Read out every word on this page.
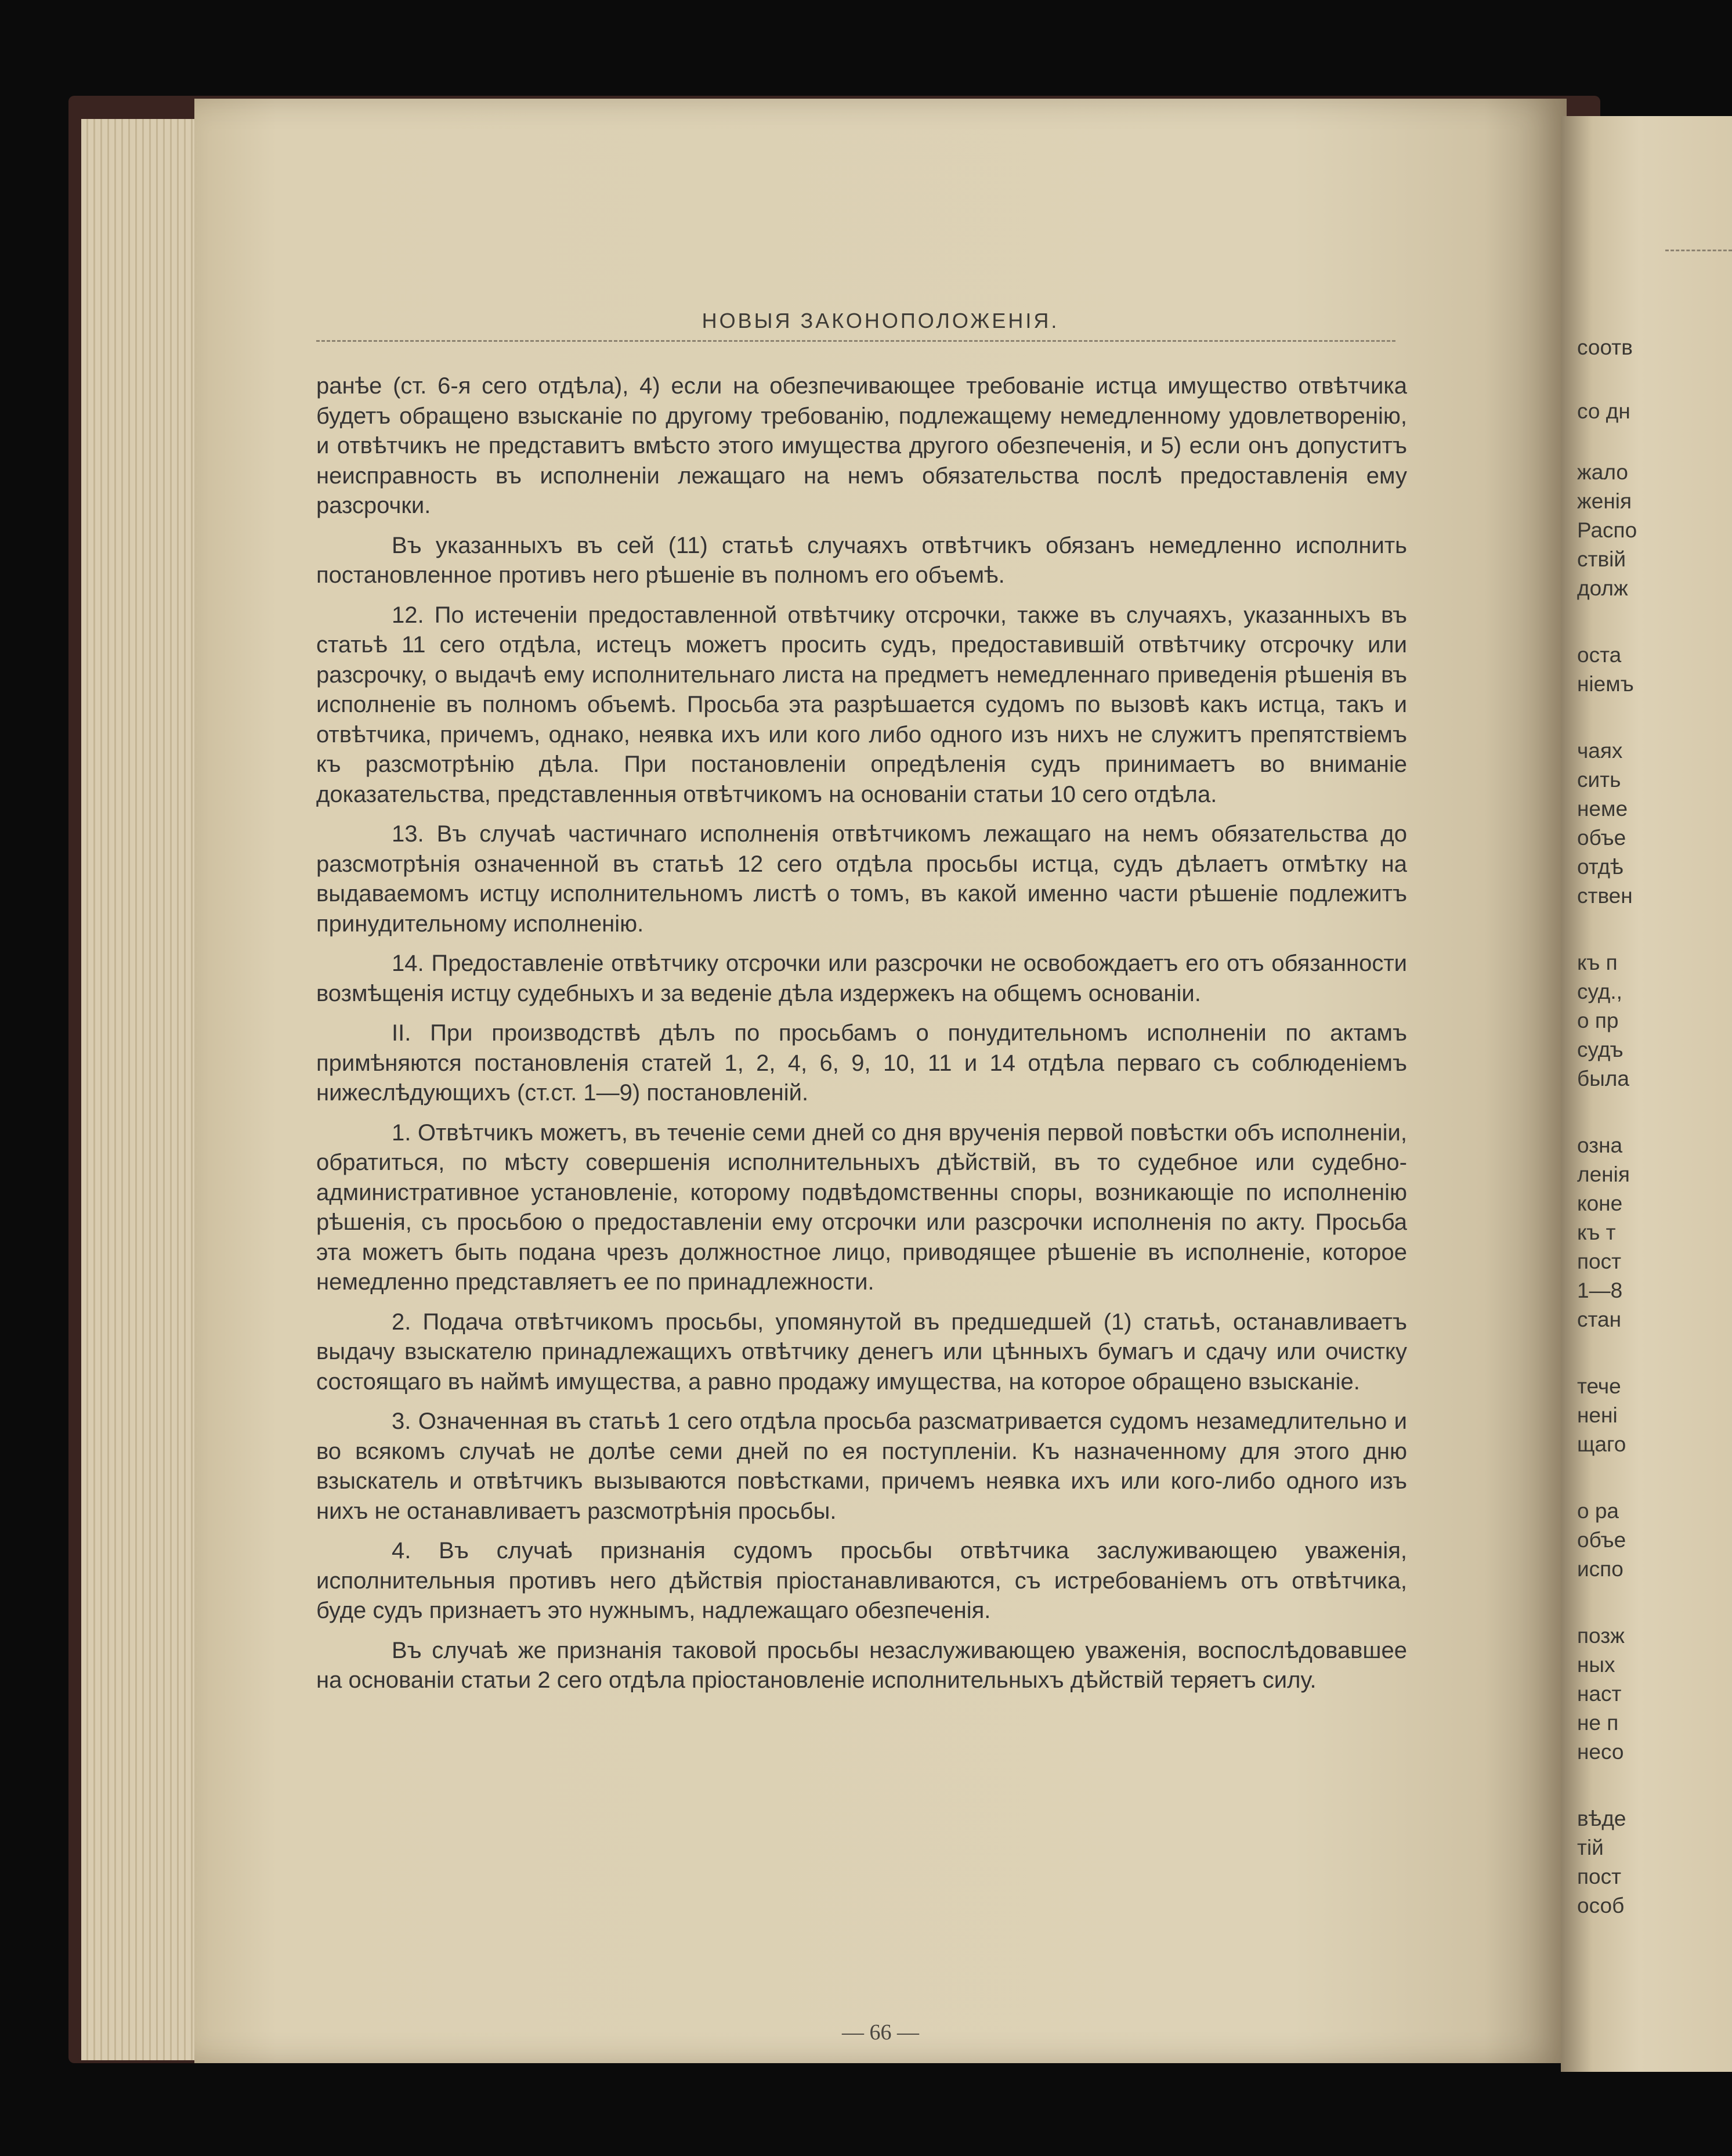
НОВЫЯ ЗАКОНОПОЛОЖЕНІЯ.

ранѣе (ст. 6-я сего отдѣла), 4) если на обезпечивающее требованіе истца имущество отвѣтчика будетъ обращено взысканіе по другому требованію, подлежащему немедленному удовлетворенію, и отвѣтчикъ не представитъ вмѣсто этого имущества другого обезпеченія, и 5) если онъ допуститъ неисправность въ исполненіи лежащаго на немъ обязательства послѣ предоставленія ему разсрочки.

Въ указанныхъ въ сей (11) статьѣ случаяхъ отвѣтчикъ обязанъ немедленно исполнить постановленное противъ него рѣшеніе въ полномъ его объемѣ.

12. По истеченіи предоставленной отвѣтчику отсрочки, также въ случаяхъ, указанныхъ въ статьѣ 11 сего отдѣла, истецъ можетъ просить судъ, предоставившій отвѣтчику отсрочку или разсрочку, о выдачѣ ему исполнительнаго листа на предметъ немедленнаго приведенія рѣшенія въ исполненіе въ полномъ объемѣ. Просьба эта разрѣшается судомъ по вызовѣ какъ истца, такъ и отвѣтчика, причемъ, однако, неявка ихъ или кого либо одного изъ нихъ не служитъ препятствіемъ къ разсмотрѣнію дѣла. При постановленіи опредѣленія судъ принимаетъ во вниманіе доказательства, представленныя отвѣтчикомъ на основаніи статьи 10 сего отдѣла.

13. Въ случаѣ частичнаго исполненія отвѣтчикомъ лежащаго на немъ обязательства до разсмотрѣнія означенной въ статьѣ 12 сего отдѣла просьбы истца, судъ дѣлаетъ отмѣтку на выдаваемомъ истцу исполнительномъ листѣ о томъ, въ какой именно части рѣшеніе подлежитъ принудительному исполненію.

14. Предоставленіе отвѣтчику отсрочки или разсрочки не освобождаетъ его отъ обязанности возмѣщенія истцу судебныхъ и за веденіе дѣла издержекъ на общемъ основаніи.

II. При производствѣ дѣлъ по просьбамъ о понудительномъ исполненіи по актамъ примѣняются постановленія статей 1, 2, 4, 6, 9, 10, 11 и 14 отдѣла перваго съ соблюденіемъ нижеслѣдующихъ (ст.ст. 1—9) постановленій.

1. Отвѣтчикъ можетъ, въ теченіе семи дней со дня врученія первой повѣстки объ исполненіи, обратиться, по мѣсту совершенія исполнительныхъ дѣйствій, въ то судебное или судебно-административное установленіе, которому подвѣдомственны споры, возникающіе по исполненію рѣшенія, съ просьбою о предоставленіи ему отсрочки или разсрочки исполненія по акту. Просьба эта можетъ быть подана чрезъ должностное лицо, приводящее рѣшеніе въ исполненіе, которое немедленно представляетъ ее по принадлежности.

2. Подача отвѣтчикомъ просьбы, упомянутой въ предшедшей (1) статьѣ, останавливаетъ выдачу взыскателю принадлежащихъ отвѣтчику денегъ или цѣнныхъ бумагъ и сдачу или очистку состоящаго въ наймѣ имущества, а равно продажу имущества, на которое обращено взысканіе.

3. Означенная въ статьѣ 1 сего отдѣла просьба разсматривается судомъ незамедлительно и во всякомъ случаѣ не долѣе семи дней по ея поступленіи. Къ назначенному для этого дню взыскатель и отвѣтчикъ вызываются повѣстками, причемъ неявка ихъ или кого-либо одного изъ нихъ не останавливаетъ разсмотрѣнія просьбы.

4. Въ случаѣ признанія судомъ просьбы отвѣтчика заслуживающею уваженія, исполнительныя противъ него дѣйствія пріостанавливаются, съ истребованіемъ отъ отвѣтчика, буде судъ признаетъ это нужнымъ, надлежащаго обезпеченія.

Въ случаѣ же признанія таковой просьбы незаслуживающею уваженія, воспослѣдовавшее на основаніи статьи 2 сего отдѣла пріостановленіе исполнительныхъ дѣйствій теряетъ силу.

— 66 —
соотв
со дн
жало
женія
Распо
ствій
долж
оста
ніемъ
чаях
сить
неме
объе
отдѣ
ствен
къ п
суд.,
о пр
судъ
была
озна
ленія
коне
къ т
пост
1—8
стан
тече
нені
щаго
о ра
объе
испо
позж
ных
наст
не п
несо
вѣде
тій
пост
особ
